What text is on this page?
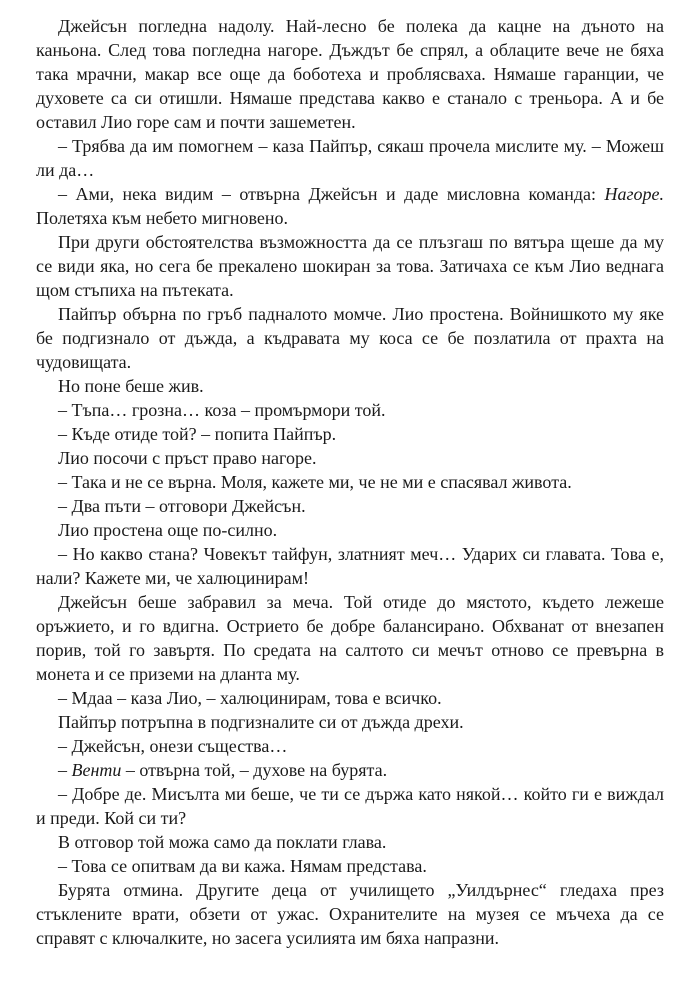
Джейсън погледна надолу. Най-лесно бе полека да кацне на дъното на каньона. След това погледна нагоре. Дъждът бе спрял, а облаците вече не бяха така мрачни, макар все още да боботеха и проблясваха. Нямаше гаранции, че духовете са си отишли. Нямаше представа какво е станало с треньора. А и бе оставил Лио горе сам и почти зашеметен.

– Трябва да им помогнем – каза Пайпър, сякаш прочела мислите му. – Можеш ли да…

– Ами, нека видим – отвърна Джейсън и даде мисловна команда: Нагоре. Полетяха към небето мигновено.

При други обстоятелства възможността да се плъзгаш по вятъра щеше да му се види яка, но сега бе прекалено шокиран за това. Затичаха се към Лио веднага щом стъпиха на пътеката.

Пайпър обърна по гръб падналото момче. Лио простена. Войнишкото му яке бе подгизнало от дъжда, а къдравата му коса се бе позлатила от прахта на чудовищата.

Но поне беше жив.

– Тъпа… грозна… коза – промърмори той.

– Къде отиде той? – попита Пайпър.

Лио посочи с пръст право нагоре.

– Така и не се върна. Моля, кажете ми, че не ми е спасявал живота.

– Два пъти – отговори Джейсън.

Лио простена още по-силно.

– Но какво стана? Човекът тайфун, златният меч… Ударих си главата. Това е, нали? Кажете ми, че халюцинирам!

Джейсън беше забравил за меча. Той отиде до мястото, където лежеше оръжието, и го вдигна. Острието бе добре балансирано. Обхванат от внезапен порив, той го завъртя. По средата на салтото си мечът отново се превърна в монета и се приземи на дланта му.

– Мдаа – каза Лио, – халюцинирам, това е всичко.

Пайпър потръпна в подгизналите си от дъжда дрехи.

– Джейсън, онези същества…

– Венти – отвърна той, – духове на бурята.

– Добре де. Мисълта ми беше, че ти се държа като някой… който ги е виждал и преди. Кой си ти?

В отговор той можа само да поклати глава.

– Това се опитвам да ви кажа. Нямам представа.

Бурята отмина. Другите деца от училището „Уилдърнес“ гледаха през стъклените врати, обзети от ужас. Охранителите на музея се мъчеха да се справят с ключалките, но засега усилията им бяха напразни.
